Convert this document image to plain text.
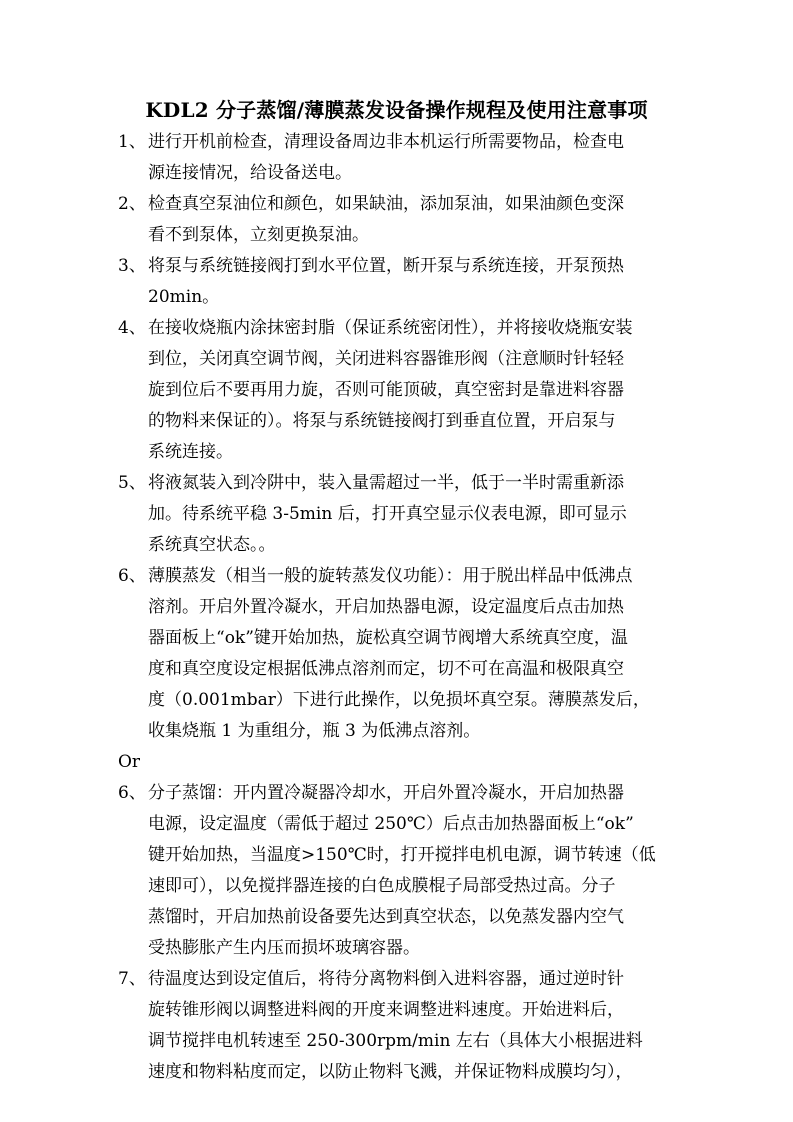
KDL2 分子蒸馏/薄膜蒸发设备操作规程及使用注意事项
1、 进行开机前检查，清理设备周边非本机运行所需要物品，检查电
源连接情况，给设备送电。
2、 检查真空泵油位和颜色，如果缺油，添加泵油，如果油颜色变深
看不到泵体，立刻更换泵油。
3、 将泵与系统链接阀打到水平位置，断开泵与系统连接，开泵预热
20min。
4、 在接收烧瓶内涂抹密封脂（保证系统密闭性），并将接收烧瓶安装
到位，关闭真空调节阀，关闭进料容器锥形阀（注意顺时针轻轻
旋到位后不要再用力旋，否则可能顶破，真空密封是靠进料容器
的物料来保证的）。将泵与系统链接阀打到垂直位置，开启泵与
系统连接。
5、 将液氮装入到冷阱中，装入量需超过一半，低于一半时需重新添
加。待系统平稳 3-5min 后，打开真空显示仪表电源，即可显示
系统真空状态。。
6、 薄膜蒸发（相当一般的旋转蒸发仪功能）：用于脱出样品中低沸点
溶剂。开启外置冷凝水，开启加热器电源，设定温度后点击加热
器面板上“ok”键开始加热，旋松真空调节阀增大系统真空度，温
度和真空度设定根据低沸点溶剂而定，切不可在高温和极限真空
度（0.001mbar）下进行此操作，以免损坏真空泵。薄膜蒸发后，
收集烧瓶 1 为重组分，瓶 3 为低沸点溶剂。

Or

6、 分子蒸馏：开内置冷凝器冷却水，开启外置冷凝水，开启加热器
电源，设定温度（需低于超过 250℃）后点击加热器面板上“ok”
键开始加热，当温度>150℃时，打开搅拌电机电源，调节转速（低
速即可），以免搅拌器连接的白色成膜棍子局部受热过高。分子
蒸馏时，开启加热前设备要先达到真空状态，以免蒸发器内空气
受热膨胀产生内压而损坏玻璃容器。
7、 待温度达到设定值后，将待分离物料倒入进料容器，通过逆时针
旋转锥形阀以调整进料阀的开度来调整进料速度。开始进料后，
调节搅拌电机转速至 250-300rpm/min 左右（具体大小根据进料
速度和物料粘度而定，以防止物料飞溅，并保证物料成膜均匀），
